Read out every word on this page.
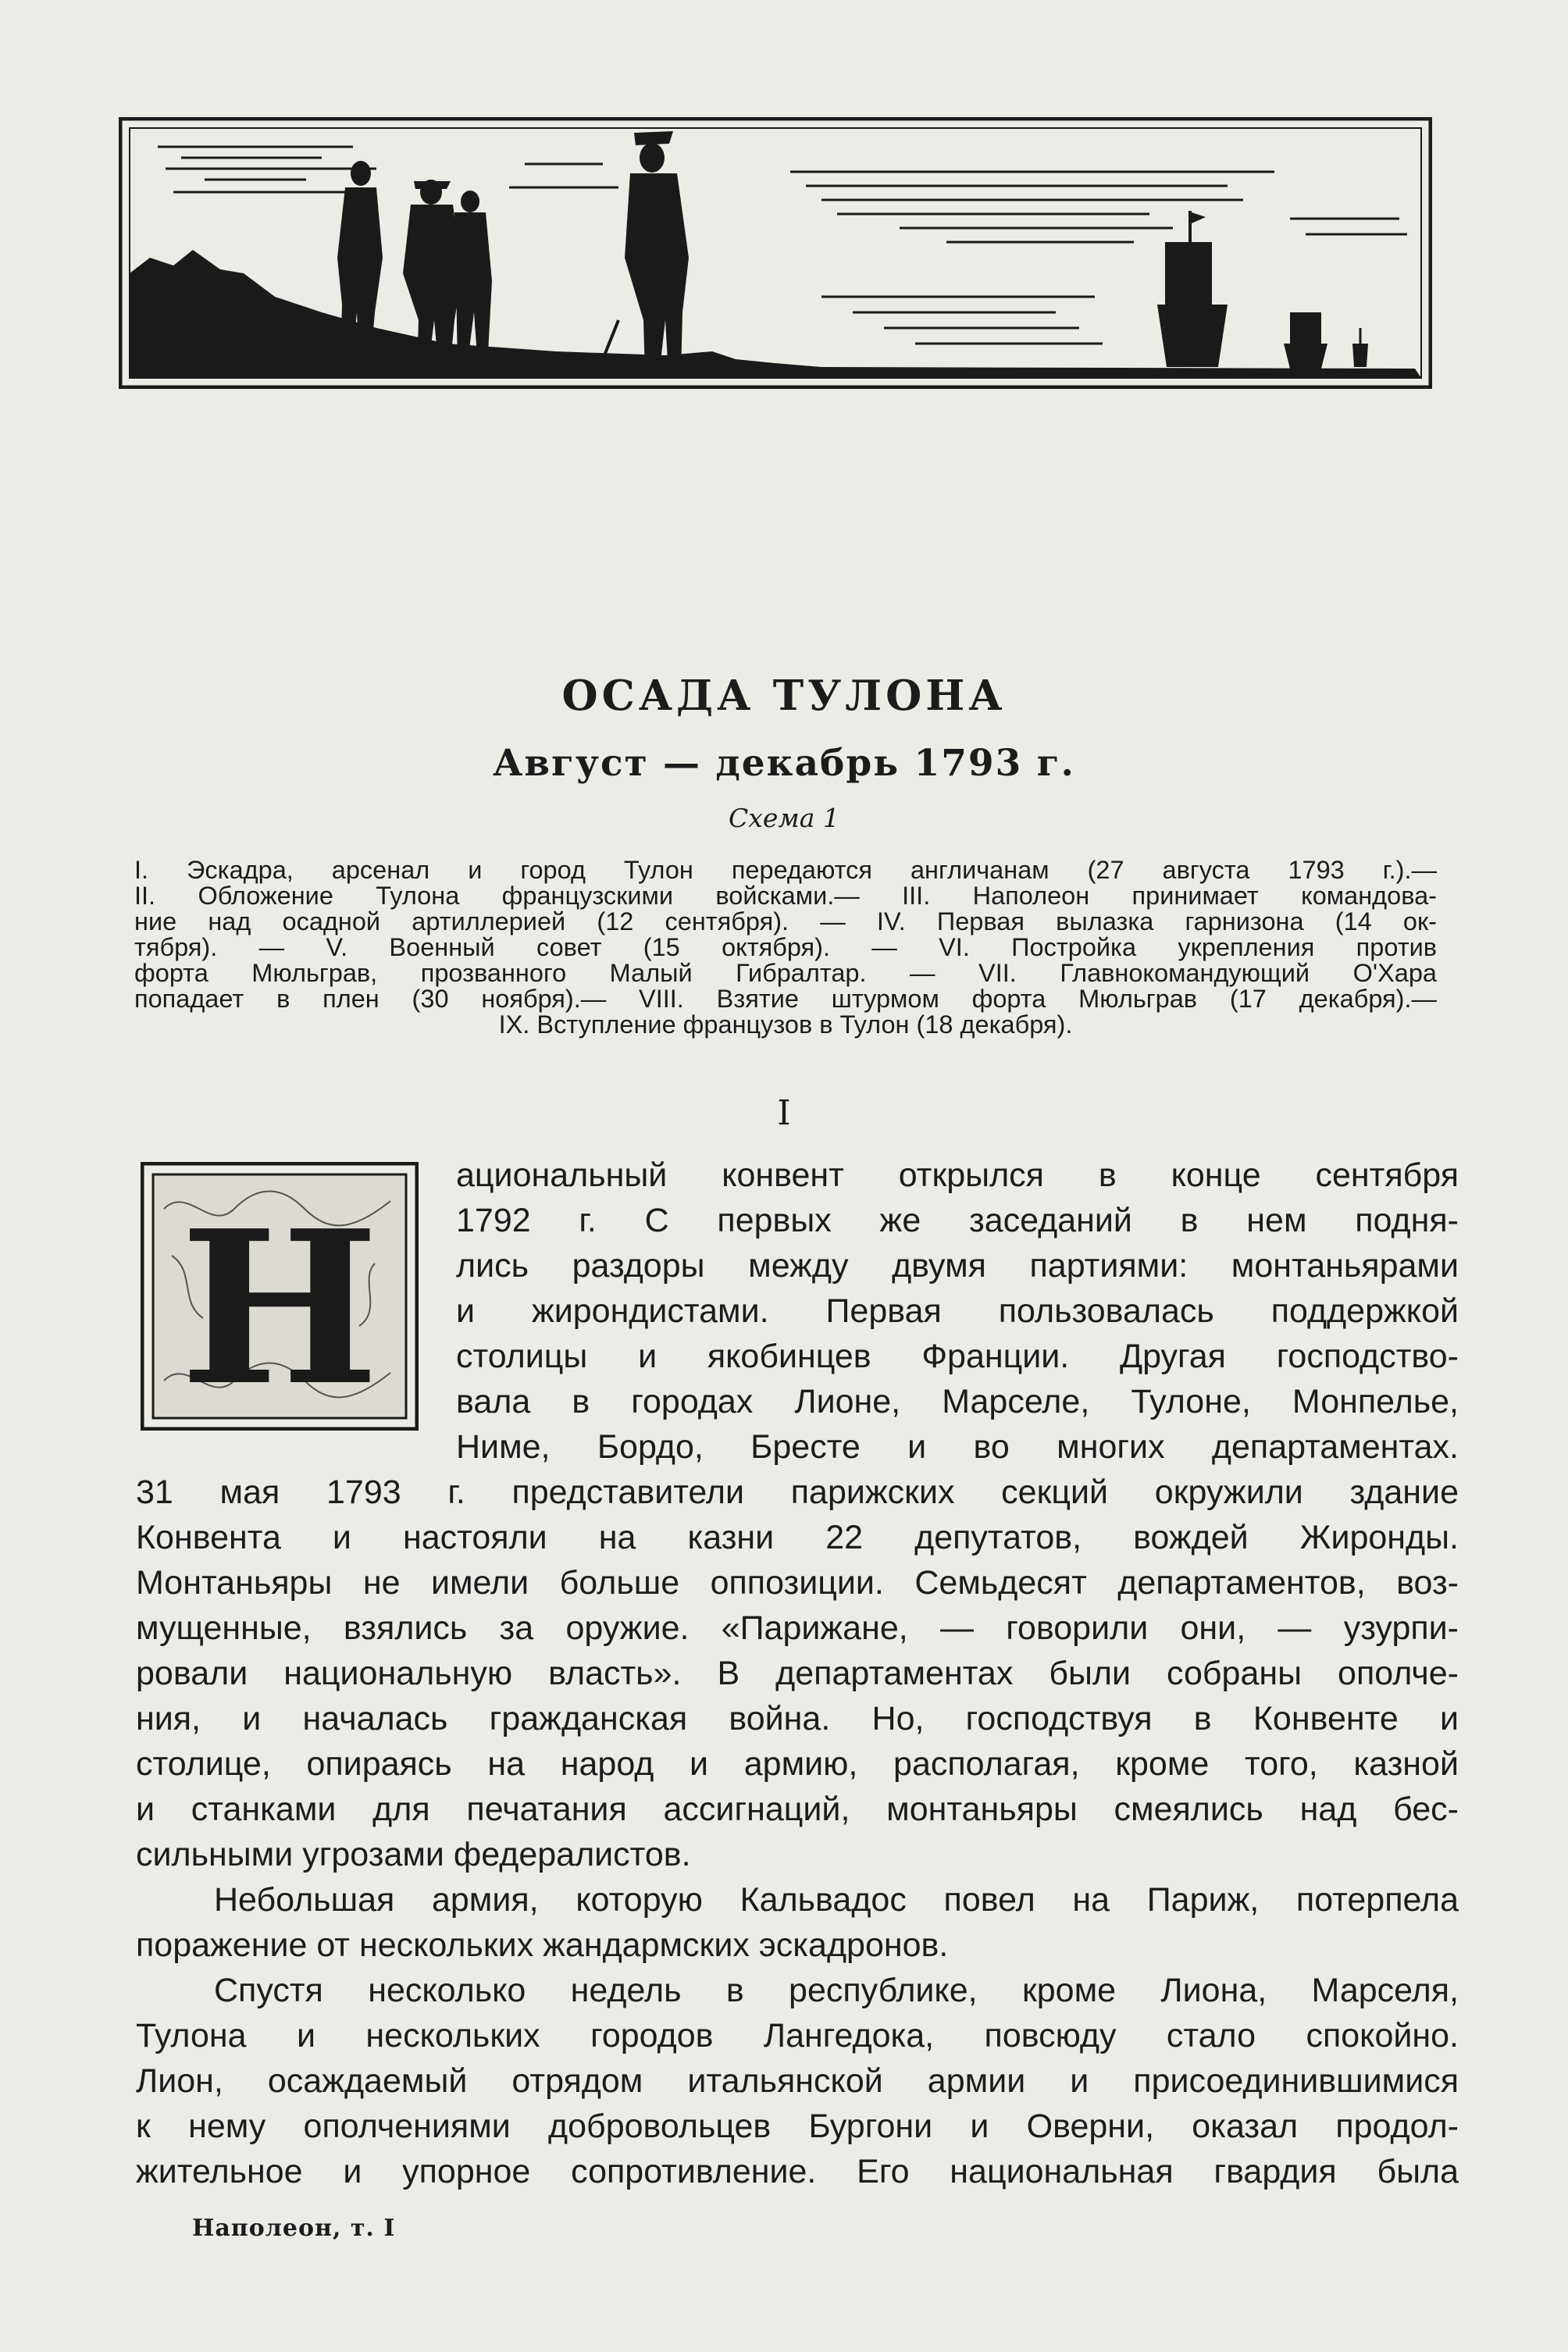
ОСАДА ТУЛОНА
Август — декабрь 1793 г.
Схема 1
I. Эскадра, арсенал и город Тулон передаются англичанам (27 августа 1793 г.).—
II. Обложение Тулона французскими войсками.— III. Наполеон принимает командова-
ние над осадной артиллерией (12 сентября). — IV. Первая вылазка гарнизона (14 ок-
тября). — V. Военный совет (15 октября). — VI. Постройка укрепления против
форта Мюльграв, прозванного Малый Гибралтар. — VII. Главнокомандующий О'Хара
попадает в плен (30 ноября).— VIII. Взятие штурмом форта Мюльграв (17 декабря).—
IX. Вступление французов в Тулон (18 декабря).
I
Н
ациональный конвент открылся в конце сентября
1792 г. С первых же заседаний в нем подня-
лись раздоры между двумя партиями: монтаньярами
и жирондистами. Первая пользовалась поддержкой
столицы и якобинцев Франции. Другая господство-
вала в городах Лионе, Марселе, Тулоне, Монпелье,
Ниме, Бордо, Бресте и во многих департаментах.
31 мая 1793 г. представители парижских секций окружили здание
Конвента и настояли на казни 22 депутатов, вождей Жиронды.
Монтаньяры не имели больше оппозиции. Семьдесят департаментов, воз-
мущенные, взялись за оружие. «Парижане, — говорили они, — узурпи-
ровали национальную власть». В департаментах были собраны ополче-
ния, и началась гражданская война. Но, господствуя в Конвенте и
столице, опираясь на народ и армию, располагая, кроме того, казной
и станками для печатания ассигнаций, монтаньяры смеялись над бес-
сильными угрозами федералистов.
Небольшая армия, которую Кальвадос повел на Париж, потерпела
поражение от нескольких жандармских эскадронов.
Спустя несколько недель в республике, кроме Лиона, Марселя,
Тулона и нескольких городов Лангедока, повсюду стало спокойно.
Лион, осаждаемый отрядом итальянской армии и присоединившимися
к нему ополчениями добровольцев Бургони и Оверни, оказал продол-
жительное и упорное сопротивление. Его национальная гвардия была
Наполеон, т. I
